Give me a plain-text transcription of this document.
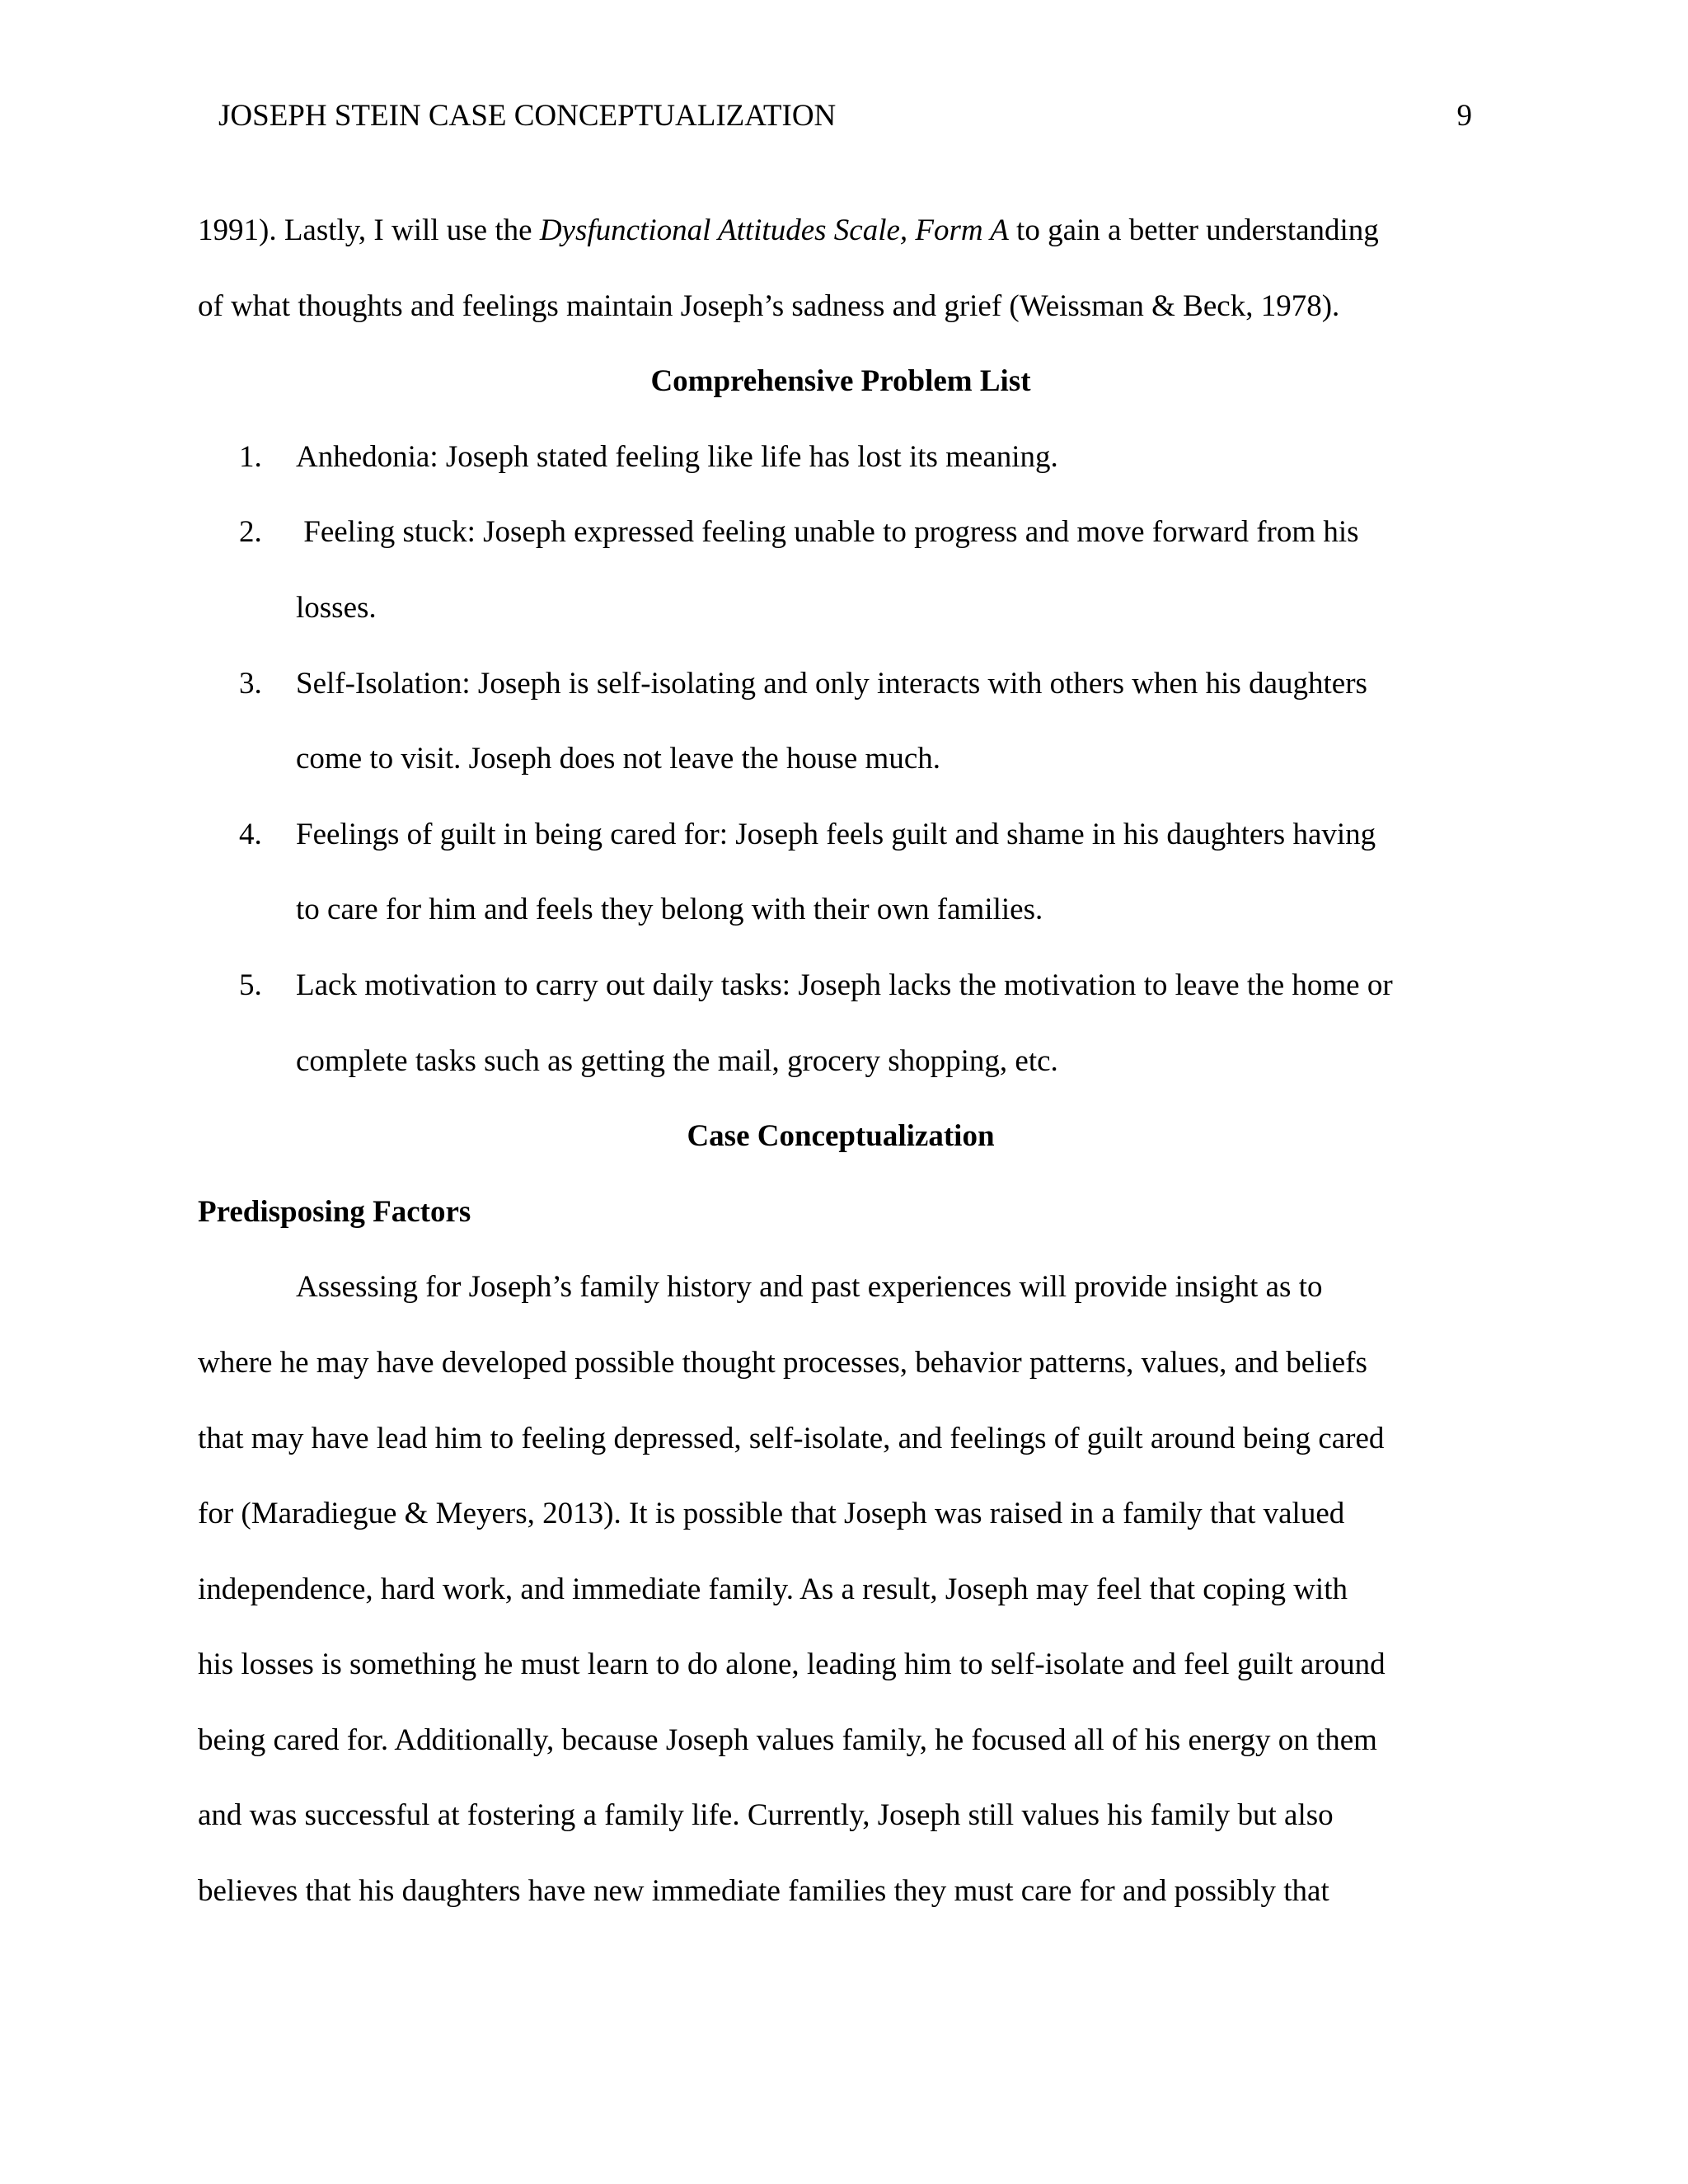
JOSEPH STEIN CASE CONCEPTUALIZATION	9
1991). Lastly, I will use the Dysfunctional Attitudes Scale, Form A to gain a better understanding
of what thoughts and feelings maintain Joseph’s sadness and grief (Weissman & Beck, 1978).
Comprehensive Problem List
1. Anhedonia: Joseph stated feeling like life has lost its meaning.
2. Feeling stuck: Joseph expressed feeling unable to progress and move forward from his
losses.
3. Self-Isolation: Joseph is self-isolating and only interacts with others when his daughters
come to visit. Joseph does not leave the house much.
4. Feelings of guilt in being cared for: Joseph feels guilt and shame in his daughters having
to care for him and feels they belong with their own families.
5. Lack motivation to carry out daily tasks: Joseph lacks the motivation to leave the home or
complete tasks such as getting the mail, grocery shopping, etc.
Case Conceptualization
Predisposing Factors
Assessing for Joseph’s family history and past experiences will provide insight as to
where he may have developed possible thought processes, behavior patterns, values, and beliefs
that may have lead him to feeling depressed, self-isolate, and feelings of guilt around being cared
for (Maradiegue & Meyers, 2013). It is possible that Joseph was raised in a family that valued
independence, hard work, and immediate family. As a result, Joseph may feel that coping with
his losses is something he must learn to do alone, leading him to self-isolate and feel guilt around
being cared for. Additionally, because Joseph values family, he focused all of his energy on them
and was successful at fostering a family life. Currently, Joseph still values his family but also
believes that his daughters have new immediate families they must care for and possibly that
